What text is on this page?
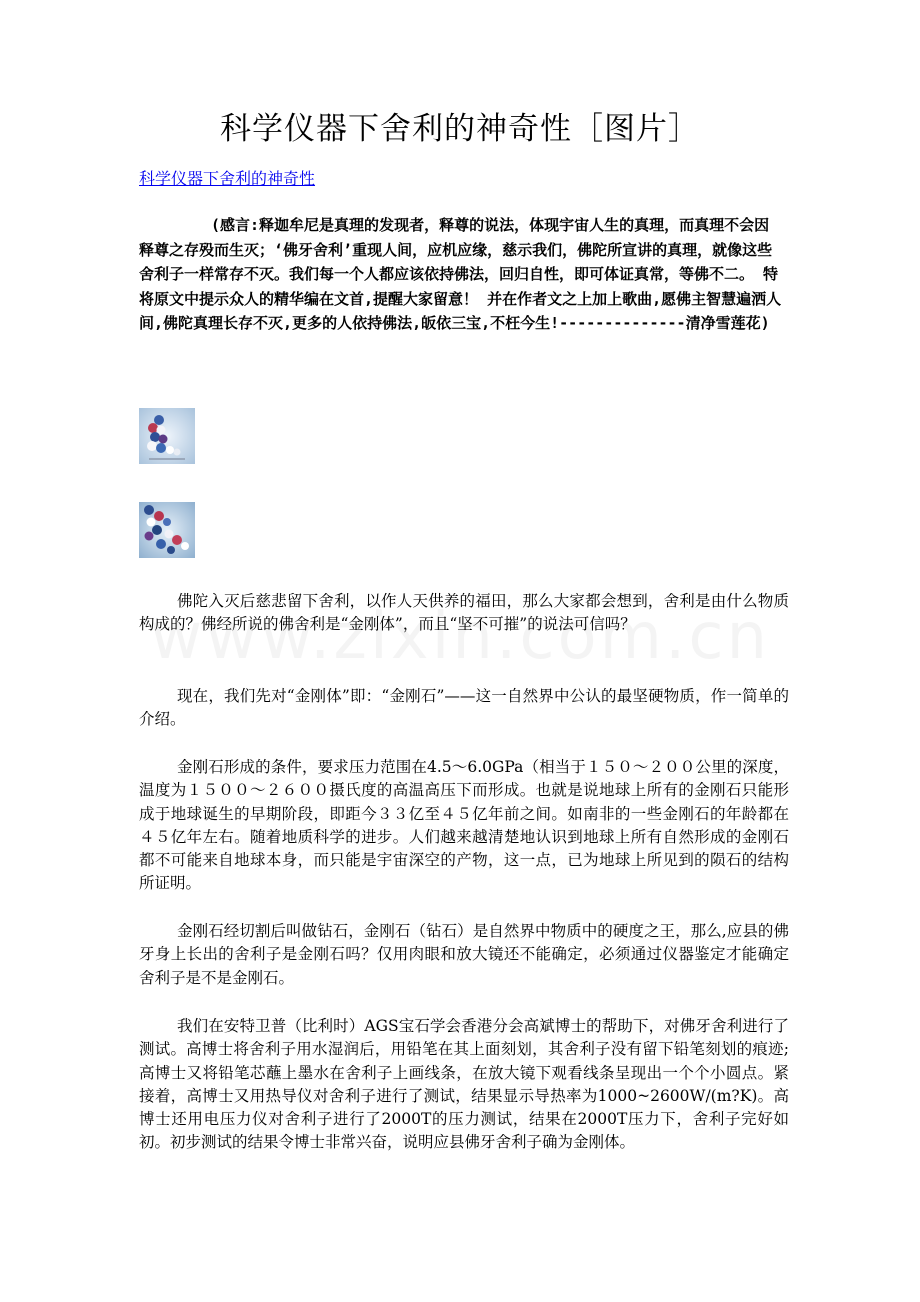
科学仪器下舍利的神奇性［图片］
科学仪器下舍利的神奇性

(感言:释迦牟尼是真理的发现者，释尊的说法，体现宇宙人生的真理，而真理不会因释尊之存殁而生灭；‘佛牙舍利’重现人间，应机应缘，慈示我们，佛陀所宣讲的真理，就像这些舍利子一样常存不灭。我们每一个人都应该依持佛法，回归自性，即可体证真常，等佛不二。 特将原文中提示众人的精华编在文首,提醒大家留意！ 并在作者文之上加上歌曲,愿佛主智慧遍洒人间,佛陀真理长存不灭,更多的人依持佛法,皈依三宝,不枉今生!--------------清净雪莲花)

佛陀入灭后慈悲留下舍利，以作人天供养的福田，那么大家都会想到，舍利是由什么物质构成的？佛经所说的佛舍利是“金刚体”，而且“坚不可摧”的说法可信吗？

现在，我们先对“金刚体”即：“金刚石”——这一自然界中公认的最坚硬物质，作一简单的介绍。

金刚石形成的条件，要求压力范围在4.5～6.0GPa（相当于１５０～２００公里的深度，温度为１５００～２６００摄氏度的高温高压下而形成。也就是说地球上所有的金刚石只能形成于地球诞生的早期阶段，即距今３３亿至４５亿年前之间。如南非的一些金刚石的年龄都在４５亿年左右。随着地质科学的进步。人们越来越清楚地认识到地球上所有自然形成的金刚石都不可能来自地球本身，而只能是宇宙深空的产物，这一点，已为地球上所见到的陨石的结构所证明。

金刚石经切割后叫做钻石，金刚石（钻石）是自然界中物质中的硬度之王，那么,应县的佛牙身上长出的舍利子是金刚石吗？仅用肉眼和放大镜还不能确定，必须通过仪器鉴定才能确定舍利子是不是金刚石。

我们在安特卫普（比利时）AGS宝石学会香港分会高斌博士的帮助下，对佛牙舍利进行了测试。高博士将舍利子用水湿润后，用铅笔在其上面刻划，其舍利子没有留下铅笔刻划的痕迹; 高博士又将铅笔芯蘸上墨水在舍利子上画线条，在放大镜下观看线条呈现出一个个小圆点。紧接着，高博士又用热导仪对舍利子进行了测试，结果显示导热率为1000~2600W/(m?K)。高博士还用电压力仪对舍利子进行了2000T的压力测试，结果在2000T压力下，舍利子完好如初。初步测试的结果令博士非常兴奋，说明应县佛牙舍利子确为金刚体。
